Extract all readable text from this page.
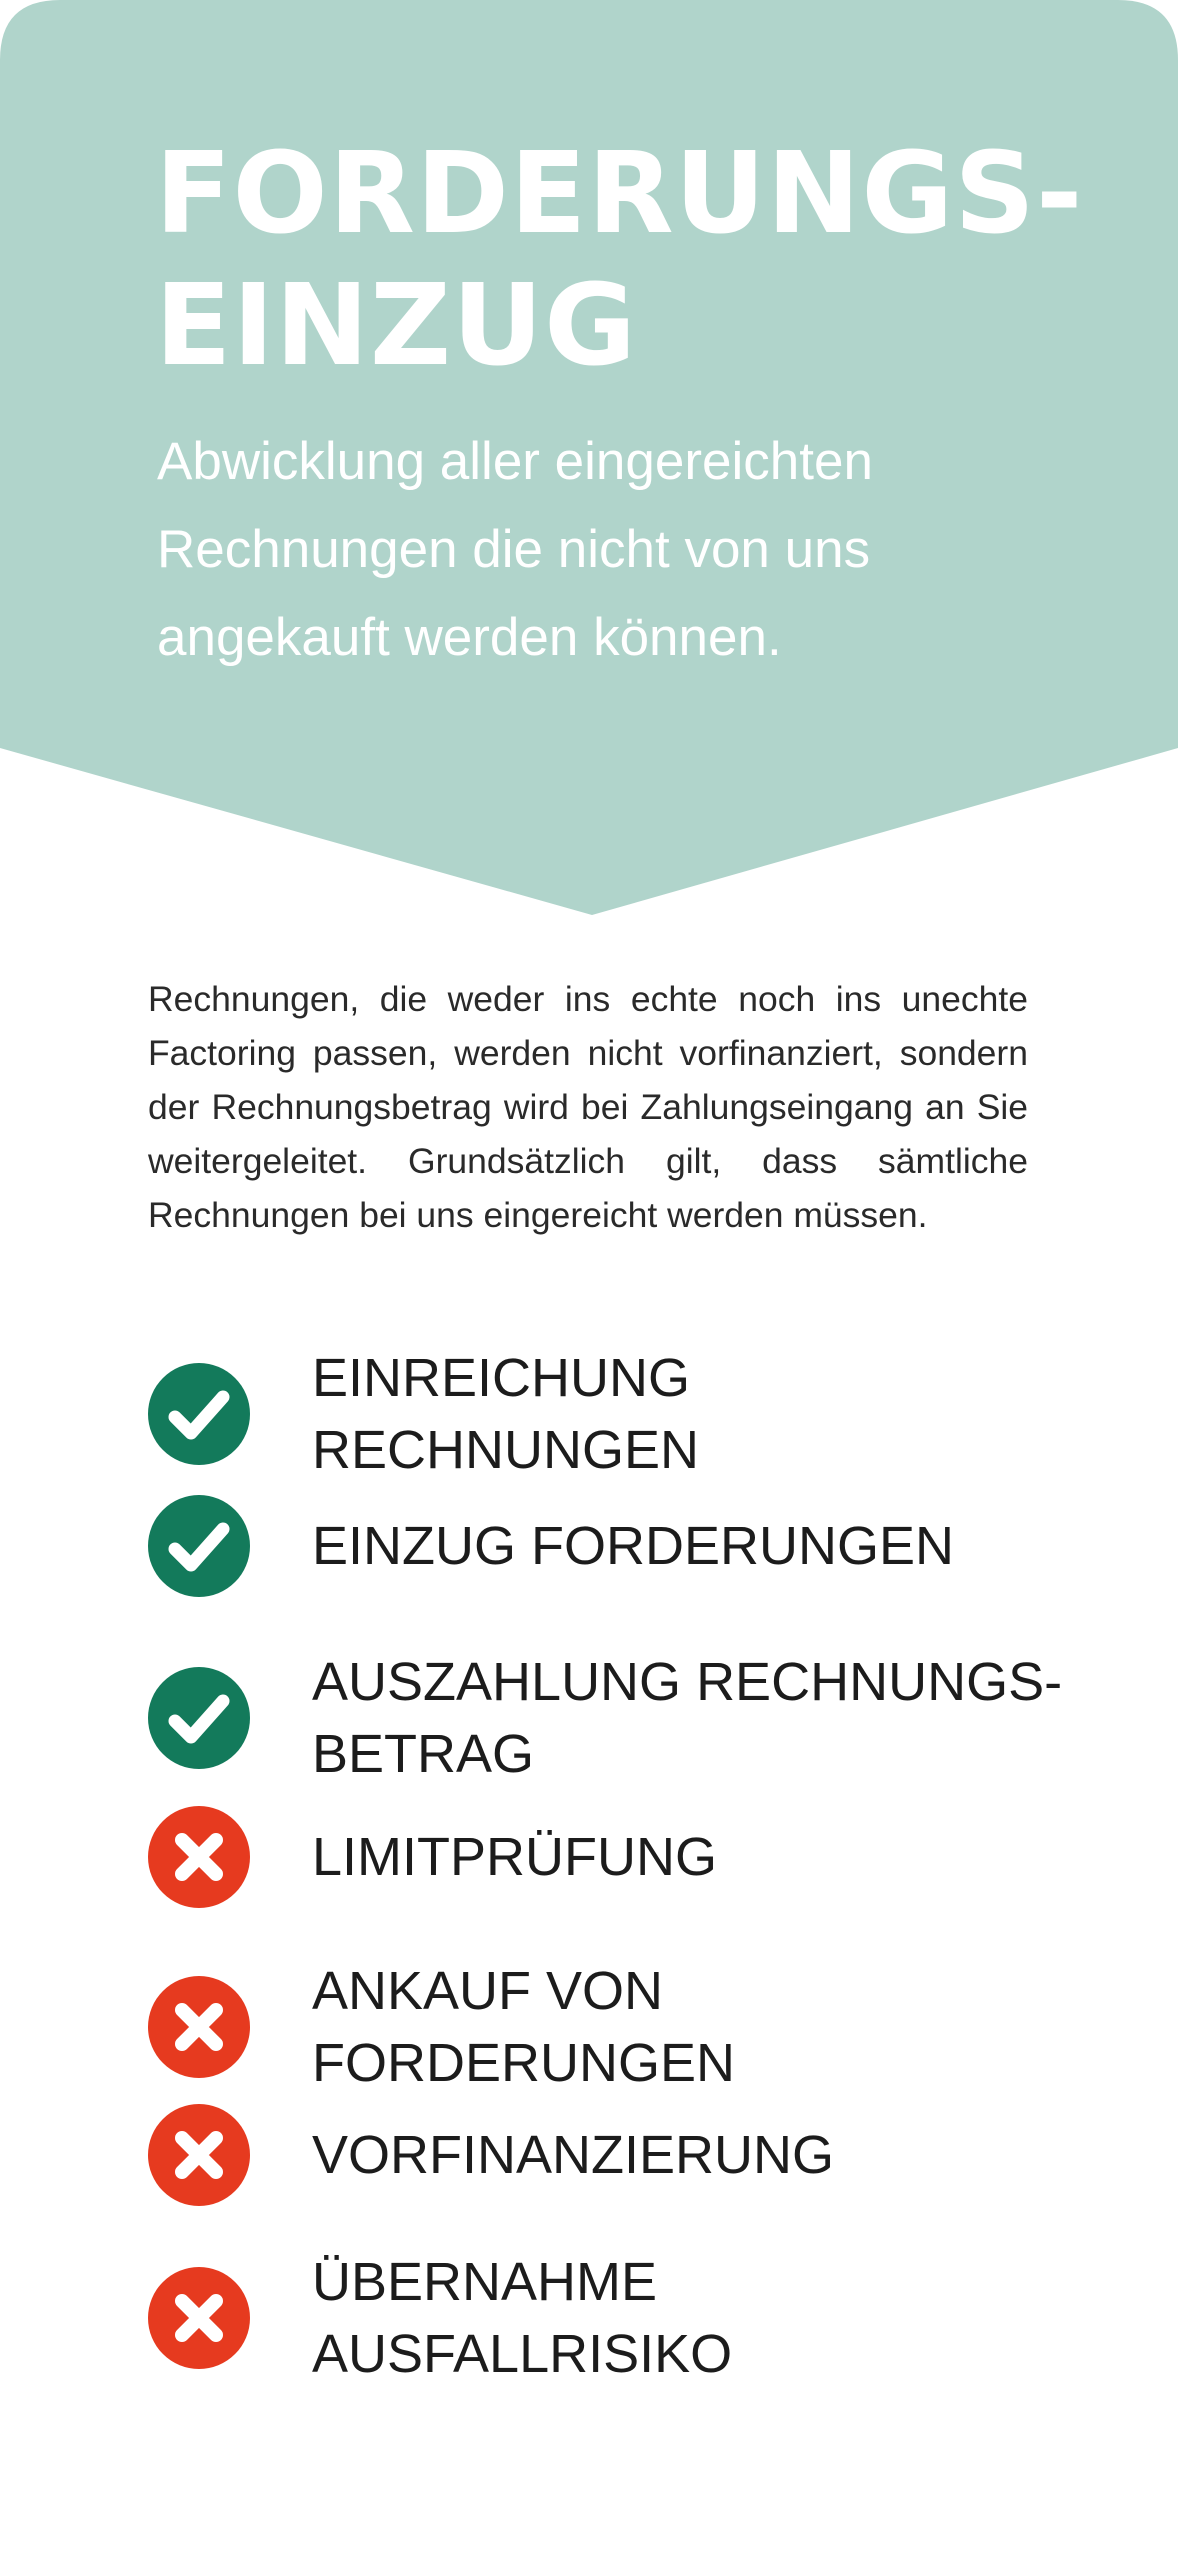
FORDERUNGS-
EINZUG

Abwicklung aller eingereichten Rechnungen die nicht von uns angekauft werden können.

Rechnungen, die weder ins echte noch ins unechte Factoring passen, werden nicht vorfinanziert, sondern der Rechnungsbetrag wird bei Zahlungseingang an Sie weitergeleitet. Grundsätzlich gilt, dass sämtliche Rechnungen bei uns eingereicht werden müssen.

EINREICHUNG RECHNUNGEN
EINZUG FORDERUNGEN
AUSZAHLUNG RECHNUNGS-
BETRAG
LIMITPRÜFUNG
ANKAUF VON FORDERUNGEN
VORFINANZIERUNG
ÜBERNAHME AUSFALLRISIKO
